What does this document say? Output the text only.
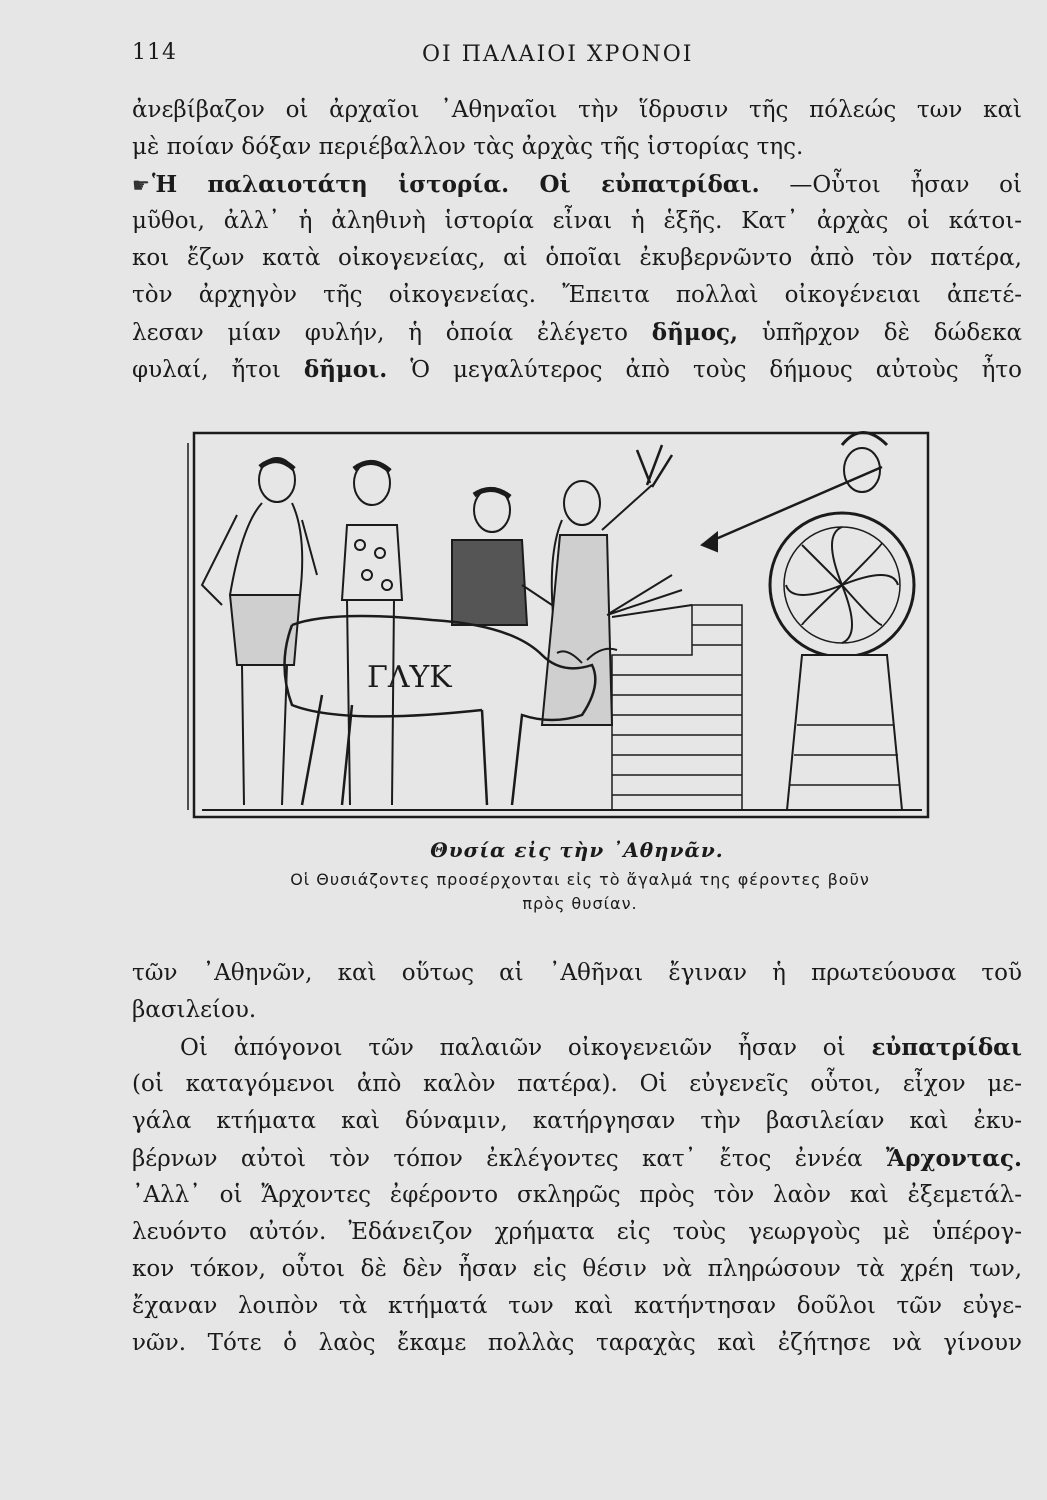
114	ΟΙ ΠΑΛΑΙΟΙ ΧΡΟΝΟΙ
ἀνεβίβαζον οἱ ἀρχαῖοι ᾿Αθηναῖοι τὴν ἵδρυσιν τῆς πόλεώς των καὶ
μὲ ποίαν δόξαν περιέβαλλον τὰς ἀρχὰς τῆς ἱστορίας της.
☛Ἡ παλαιοτάτη ἱστορία. Οἱ εὐπατρίδαι. —Οὗτοι ἦσαν οἱ
μῦθοι, ἀλλ᾿ ἡ ἀληθινὴ ἱστορία εἶναι ἡ ἑξῆς. Κατ᾿ ἀρχὰς οἱ κάτοι-
κοι ἔζων κατὰ οἰκογενείας, αἱ ὁποῖαι ἐκυβερνῶντο ἀπὸ τὸν πατέρα,
τὸν ἀρχηγὸν τῆς οἰκογενείας. Ἔπειτα πολλαὶ οἰκογένειαι ἀπετέ-
λεσαν μίαν φυλήν, ἡ ὁποία ἐλέγετο δῆμος, ὑπῆρχον δὲ δώδεκα
φυλαί, ἤτοι δῆμοι. Ὁ μεγαλύτερος ἀπὸ τοὺς δήμους αὐτοὺς ἦτο
ΓΛΥΚ
Θυσία εἰς τὴν ᾿Αθηνᾶν.
Οἱ Θυσιάζοντες προσέρχονται εἰς τὸ ἄγαλμά της φέροντες βοῦν
πρὸς θυσίαν.
τῶν ᾿Αθηνῶν, καὶ οὕτως αἱ ᾿Αθῆναι ἔγιναν ἡ πρωτεύουσα τοῦ
βασιλείου.
Οἱ ἀπόγονοι τῶν παλαιῶν οἰκογενειῶν ἦσαν οἱ εὐπατρίδαι
(οἱ καταγόμενοι ἀπὸ καλὸν πατέρα). Οἱ εὐγενεῖς οὗτοι, εἶχον με-
γάλα κτήματα καὶ δύναμιν, κατήργησαν τὴν βασιλείαν καὶ ἐκυ-
βέρνων αὐτοὶ τὸν τόπον ἐκλέγοντες κατ᾿ ἔτος ἐννέα Ἄρχοντας.
᾿Αλλ᾿ οἱ Ἄρχοντες ἐφέροντο σκληρῶς πρὸς τὸν λαὸν καὶ ἐξεμετάλ-
λευόντο αὐτόν. Ἐδάνειζον χρήματα εἰς τοὺς γεωργοὺς μὲ ὑπέρογ-
κον τόκον, οὗτοι δὲ δὲν ἦσαν εἰς θέσιν νὰ πληρώσουν τὰ χρέη των,
ἔχαναν λοιπὸν τὰ κτήματά των καὶ κατήντησαν δοῦλοι τῶν εὐγε-
νῶν. Τότε ὁ λαὸς ἔκαμε πολλὰς ταραχὰς καὶ ἐζήτησε νὰ γίνουν
